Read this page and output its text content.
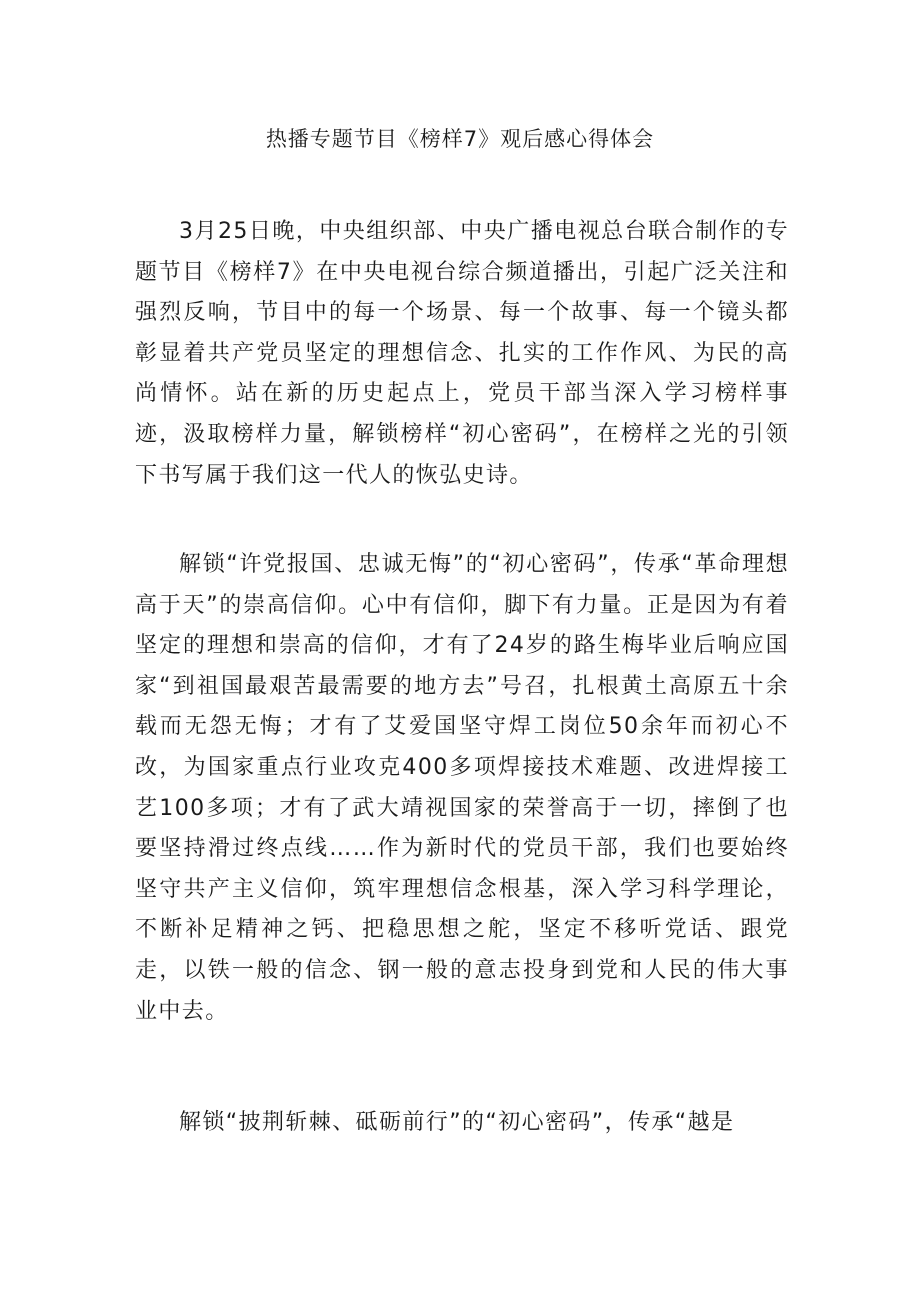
热播专题节目《榜样7》观后感心得体会

3月25日晚，中央组织部、中央广播电视总台联合制作的专题节目《榜样7》在中央电视台综合频道播出，引起广泛关注和强烈反响，节目中的每一个场景、每一个故事、每一个镜头都彰显着共产党员坚定的理想信念、扎实的工作作风、为民的高尚情怀。站在新的历史起点上，党员干部当深入学习榜样事迹，汲取榜样力量，解锁榜样“初心密码”，在榜样之光的引领下书写属于我们这一代人的恢弘史诗。

解锁“许党报国、忠诚无悔”的“初心密码”，传承“革命理想高于天”的崇高信仰。心中有信仰，脚下有力量。正是因为有着坚定的理想和崇高的信仰，才有了24岁的路生梅毕业后响应国家“到祖国最艰苦最需要的地方去”号召，扎根黄土高原五十余载而无怨无悔；才有了艾爱国坚守焊工岗位50余年而初心不改，为国家重点行业攻克400多项焊接技术难题、改进焊接工艺100多项；才有了武大靖视国家的荣誉高于一切，摔倒了也要坚持滑过终点线……作为新时代的党员干部，我们也要始终坚守共产主义信仰，筑牢理想信念根基，深入学习科学理论，不断补足精神之钙、把稳思想之舵，坚定不移听党话、跟党走，以铁一般的信念、钢一般的意志投身到党和人民的伟大事业中去。

解锁“披荆斩棘、砥砺前行”的“初心密码”，传承“越是
